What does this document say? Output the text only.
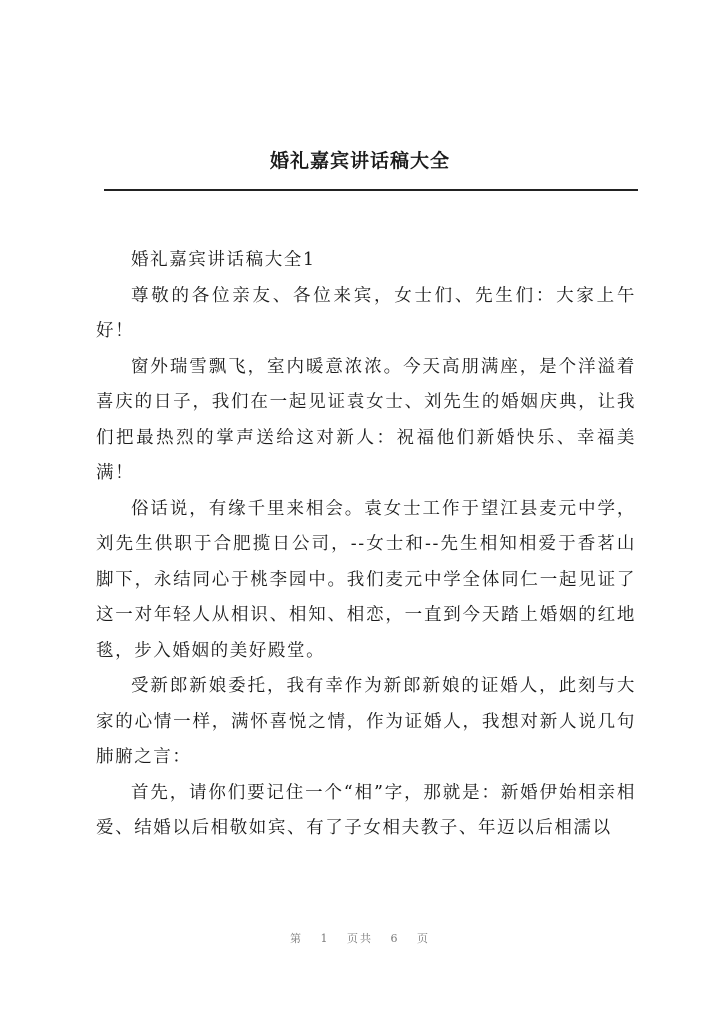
婚礼嘉宾讲话稿大全

婚礼嘉宾讲话稿大全1

尊敬的各位亲友、各位来宾，女士们、先生们：大家上午好！

窗外瑞雪飘飞，室内暖意浓浓。今天高朋满座，是个洋溢着喜庆的日子，我们在一起见证袁女士、刘先生的婚姻庆典，让我们把最热烈的掌声送给这对新人：祝福他们新婚快乐、幸福美满！

俗话说，有缘千里来相会。袁女士工作于望江县麦元中学，刘先生供职于合肥揽日公司，--女士和--先生相知相爱于香茗山脚下，永结同心于桃李园中。我们麦元中学全体同仁一起见证了这一对年轻人从相识、相知、相恋，一直到今天踏上婚姻的红地毯，步入婚姻的美好殿堂。

受新郎新娘委托，我有幸作为新郎新娘的证婚人，此刻与大家的心情一样，满怀喜悦之情，作为证婚人，我想对新人说几句肺腑之言：

首先，请你们要记住一个“相”字，那就是：新婚伊始相亲相爱、结婚以后相敬如宾、有了子女相夫教子、年迈以后相濡以

第 1 页共 6 页
